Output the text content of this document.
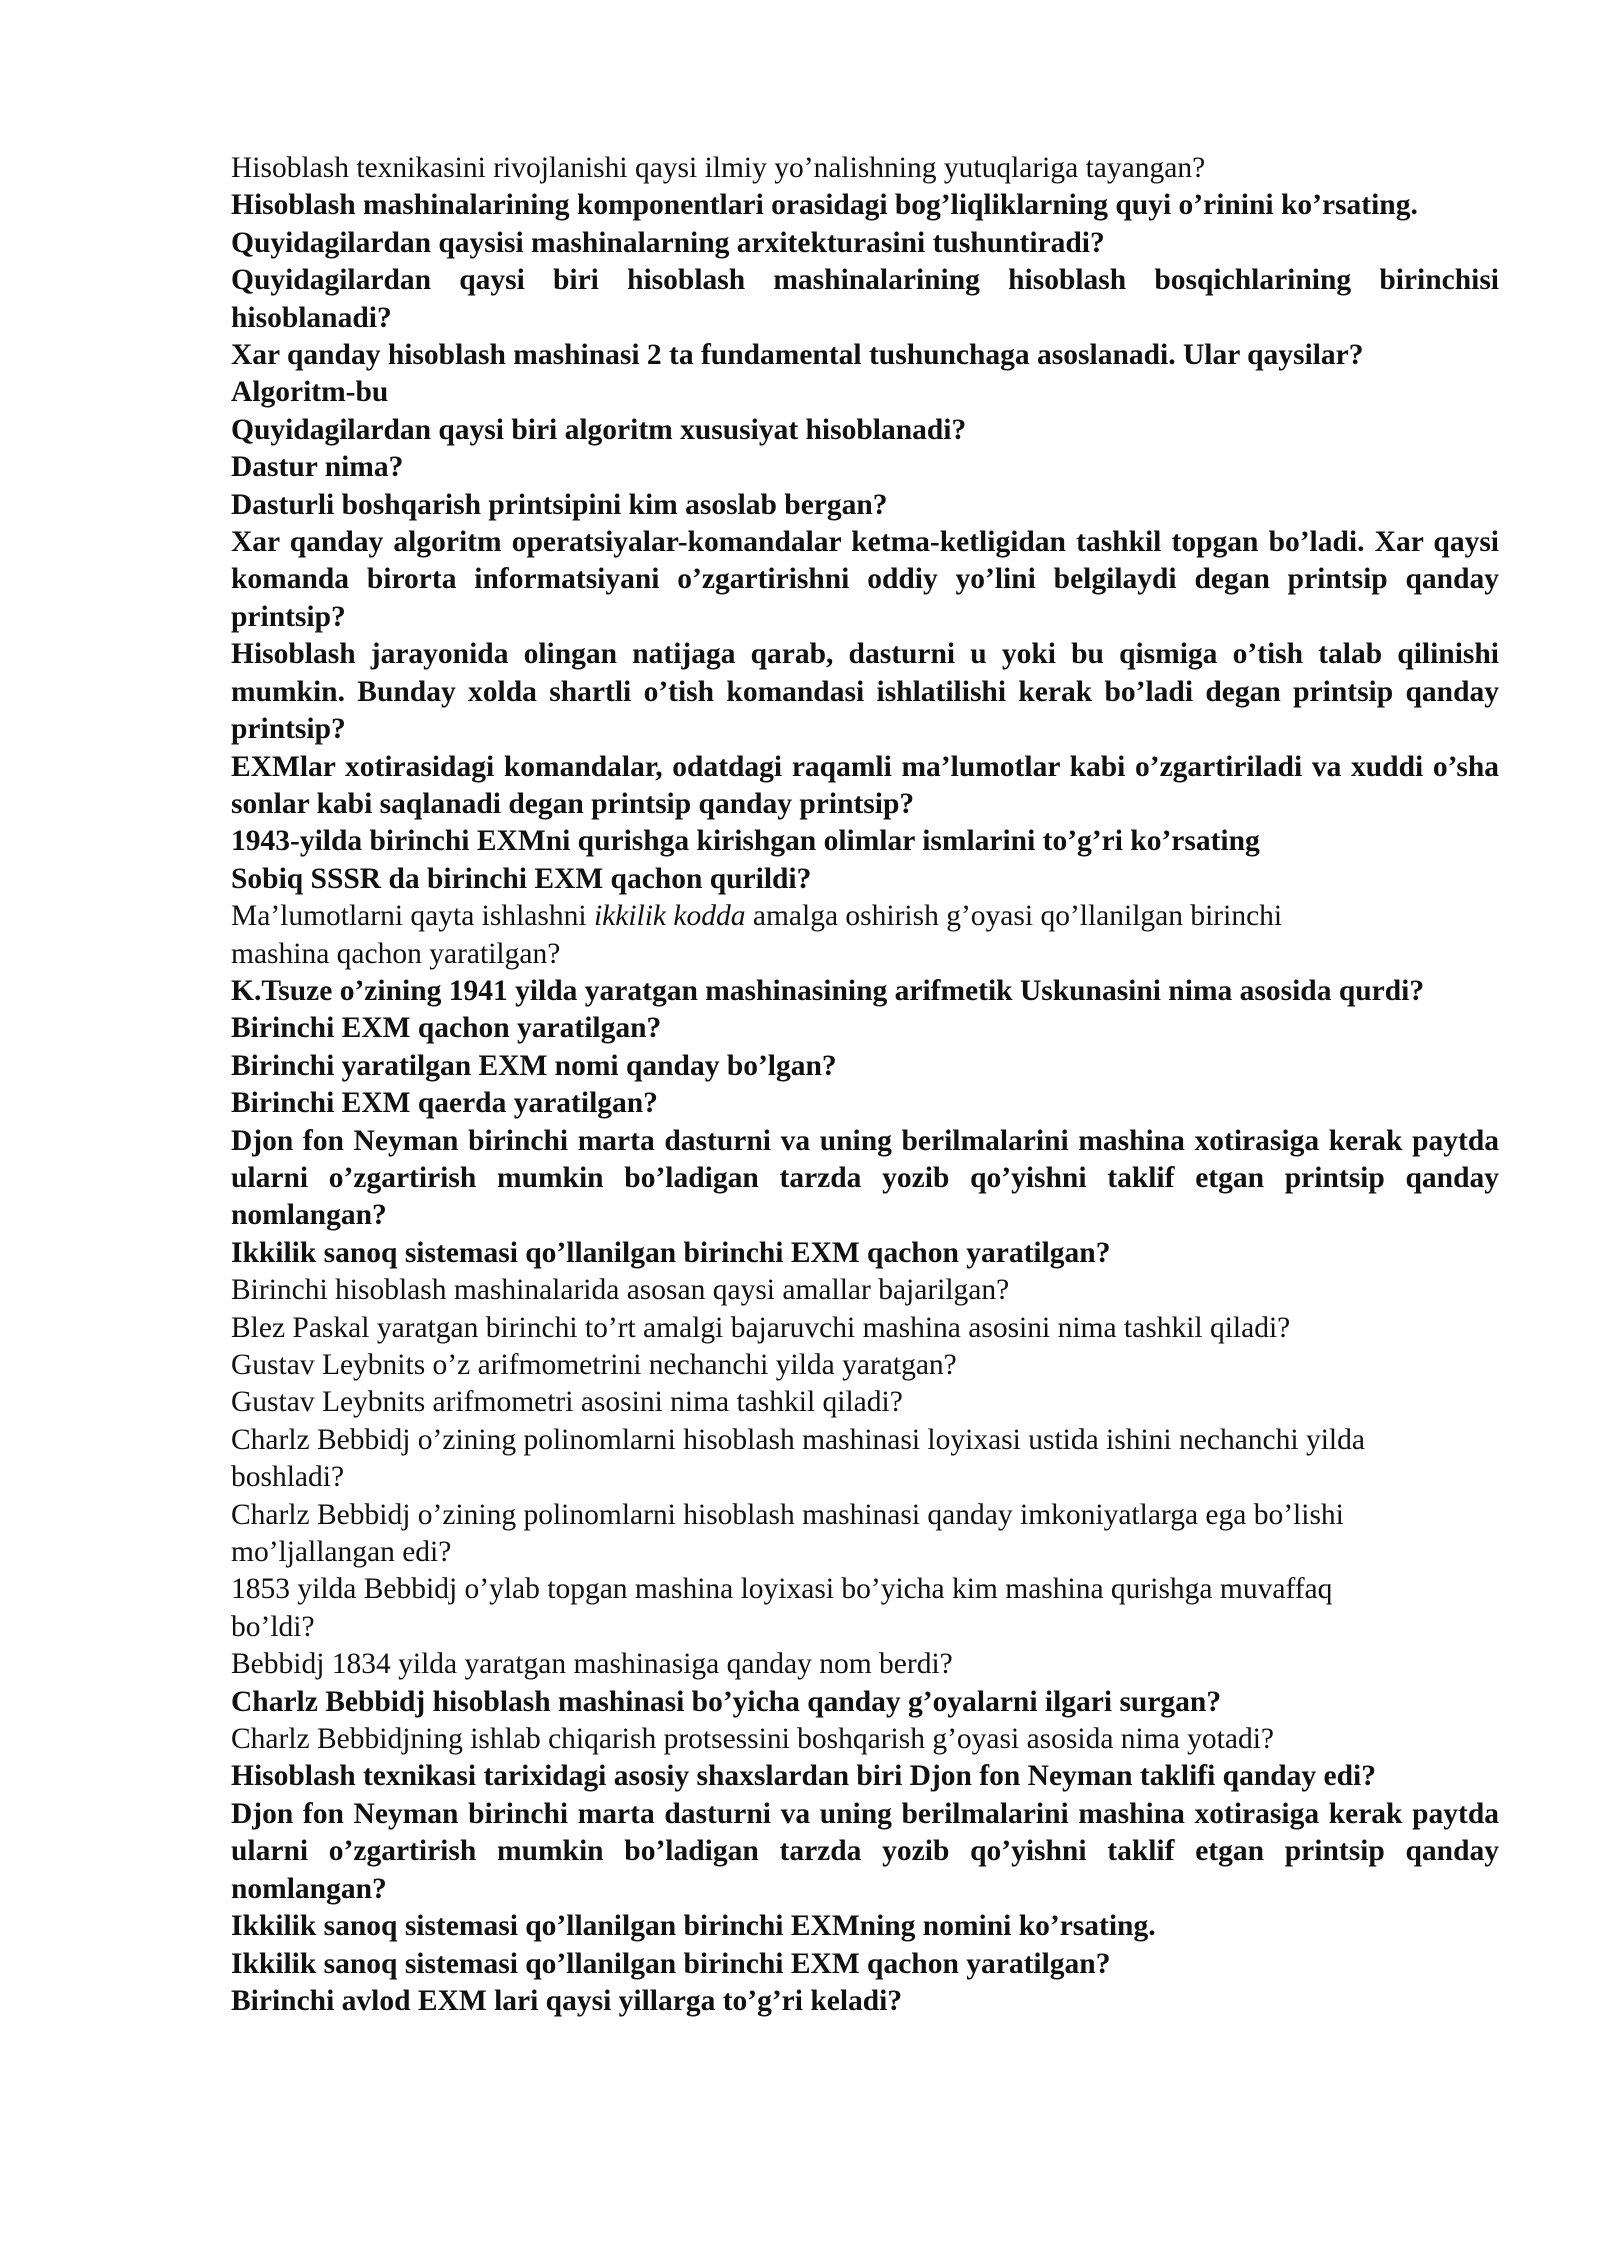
Hisoblash texnikasini rivojlanishi qaysi ilmiy yo’nalishning yutuqlariga tayangan?

Hisoblash mashinalarining komponentlari orasidagi bog’liqliklarning quyi o’rinini ko’rsating.

Quyidagilardan qaysisi mashinalarning arxitekturasini tushuntiradi?

Quyidagilardan qaysi biri hisoblash mashinalarining hisoblash bosqichlarining birinchisi hisoblanadi?

Xar qanday hisoblash mashinasi 2 ta fundamental tushunchaga asoslanadi. Ular qaysilar?

Algoritm-bu

Quyidagilardan qaysi biri algoritm xususiyat hisoblanadi?

Dastur nima?

Dasturli boshqarish printsipini kim asoslab bergan?

Xar qanday algoritm operatsiyalar-komandalar ketma-ketligidan tashkil topgan bo’ladi. Xar qaysi komanda birorta informatsiyani o’zgartirishni oddiy yo’lini belgilaydi degan printsip qanday printsip?

Hisoblash jarayonida olingan natijaga qarab, dasturni u yoki bu qismiga o’tish talab qilinishi mumkin. Bunday xolda shartli o’tish komandasi ishlatilishi kerak bo’ladi degan printsip qanday printsip?

EXMlar xotirasidagi komandalar, odatdagi raqamli ma’lumotlar kabi o’zgartiriladi va xuddi o’sha sonlar kabi saqlanadi degan printsip qanday printsip?

1943-yilda birinchi EXMni qurishga kirishgan olimlar ismlarini to’g’ri ko’rsating

Sobiq SSSR da birinchi EXM qachon qurildi?

Ma’lumotlarni qayta ishlashni ikkilik kodda amalga oshirish g’oyasi qo’llanilgan birinchi
mashina qachon yaratilgan?

K.Tsuze o’zining 1941 yilda yaratgan mashinasining arifmetik Uskunasini nima asosida qurdi?

Birinchi EXM qachon yaratilgan?

Birinchi yaratilgan EXM nomi qanday bo’lgan?

Birinchi EXM qaerda yaratilgan?

Djon fon Neyman birinchi marta dasturni va uning berilmalarini mashina xotirasiga kerak paytda ularni o’zgartirish mumkin bo’ladigan tarzda yozib qo’yishni taklif etgan printsip qanday nomlangan?

Ikkilik sanoq sistemasi qo’llanilgan birinchi EXM qachon yaratilgan?

Birinchi hisoblash mashinalarida asosan qaysi amallar bajarilgan?

Blez Paskal yaratgan birinchi to’rt amalgi bajaruvchi mashina asosini nima tashkil qiladi?

Gustav Leybnits o’z arifmometrini nechanchi yilda yaratgan?

Gustav Leybnits arifmometri asosini nima tashkil qiladi?

Charlz Bebbidj o’zining polinomlarni hisoblash mashinasi loyixasi ustida ishini nechanchi yilda
boshladi?

Charlz Bebbidj o’zining polinomlarni hisoblash mashinasi qanday imkoniyatlarga ega bo’lishi
mo’ljallangan edi?

1853 yilda Bebbidj o’ylab topgan mashina loyixasi bo’yicha kim mashina qurishga muvaffaq
bo’ldi?

Bebbidj 1834 yilda yaratgan mashinasiga qanday nom berdi?

Charlz Bebbidj hisoblash mashinasi bo’yicha qanday g’oyalarni ilgari surgan?

Charlz Bebbidjning ishlab chiqarish protsessini boshqarish g’oyasi asosida nima yotadi?

Hisoblash texnikasi tarixidagi asosiy shaxslardan biri Djon fon Neyman taklifi qanday edi?

Djon fon Neyman birinchi marta dasturni va uning berilmalarini mashina xotirasiga kerak paytda ularni o’zgartirish mumkin bo’ladigan tarzda yozib qo’yishni taklif etgan printsip qanday nomlangan?

Ikkilik sanoq sistemasi qo’llanilgan birinchi EXMning nomini ko’rsating.

Ikkilik sanoq sistemasi qo’llanilgan birinchi EXM qachon yaratilgan?

Birinchi avlod EXM lari qaysi yillarga to’g’ri keladi?
